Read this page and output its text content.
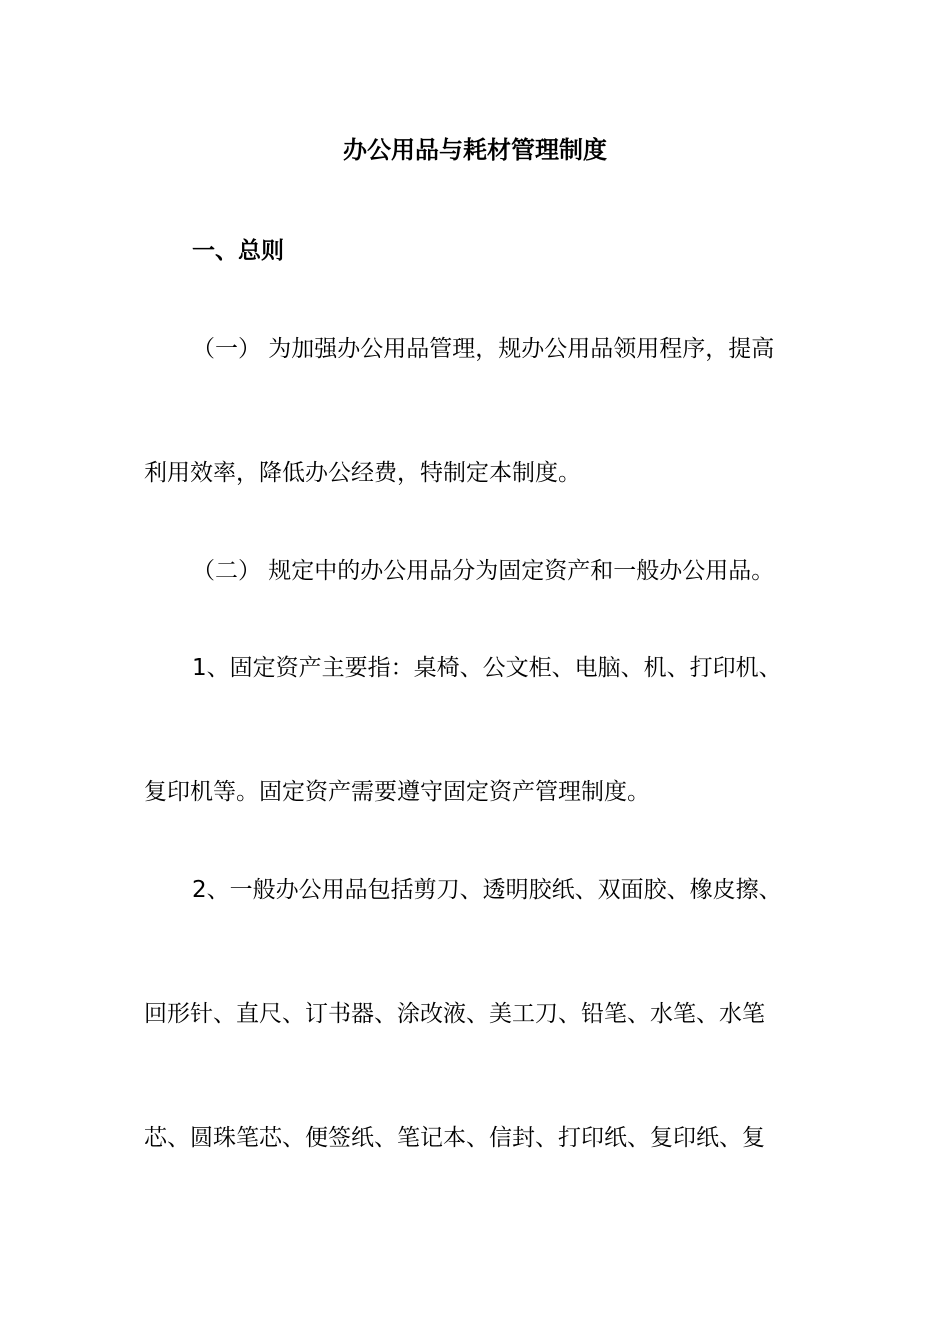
办公用品与耗材管理制度
一、总则
（一） 为加强办公用品管理，规办公用品领用程序，提高
利用效率，降低办公经费，特制定本制度。
（二） 规定中的办公用品分为固定资产和一般办公用品。
1、固定资产主要指：桌椅、公文柜、电脑、机、打印机、
复印机等。固定资产需要遵守固定资产管理制度。
2、一般办公用品包括剪刀、透明胶纸、双面胶、橡皮擦、
回形针、直尺、订书器、涂改液、美工刀、铅笔、水笔、水笔
芯、圆珠笔芯、便签纸、笔记本、信封、打印纸、复印纸、复
